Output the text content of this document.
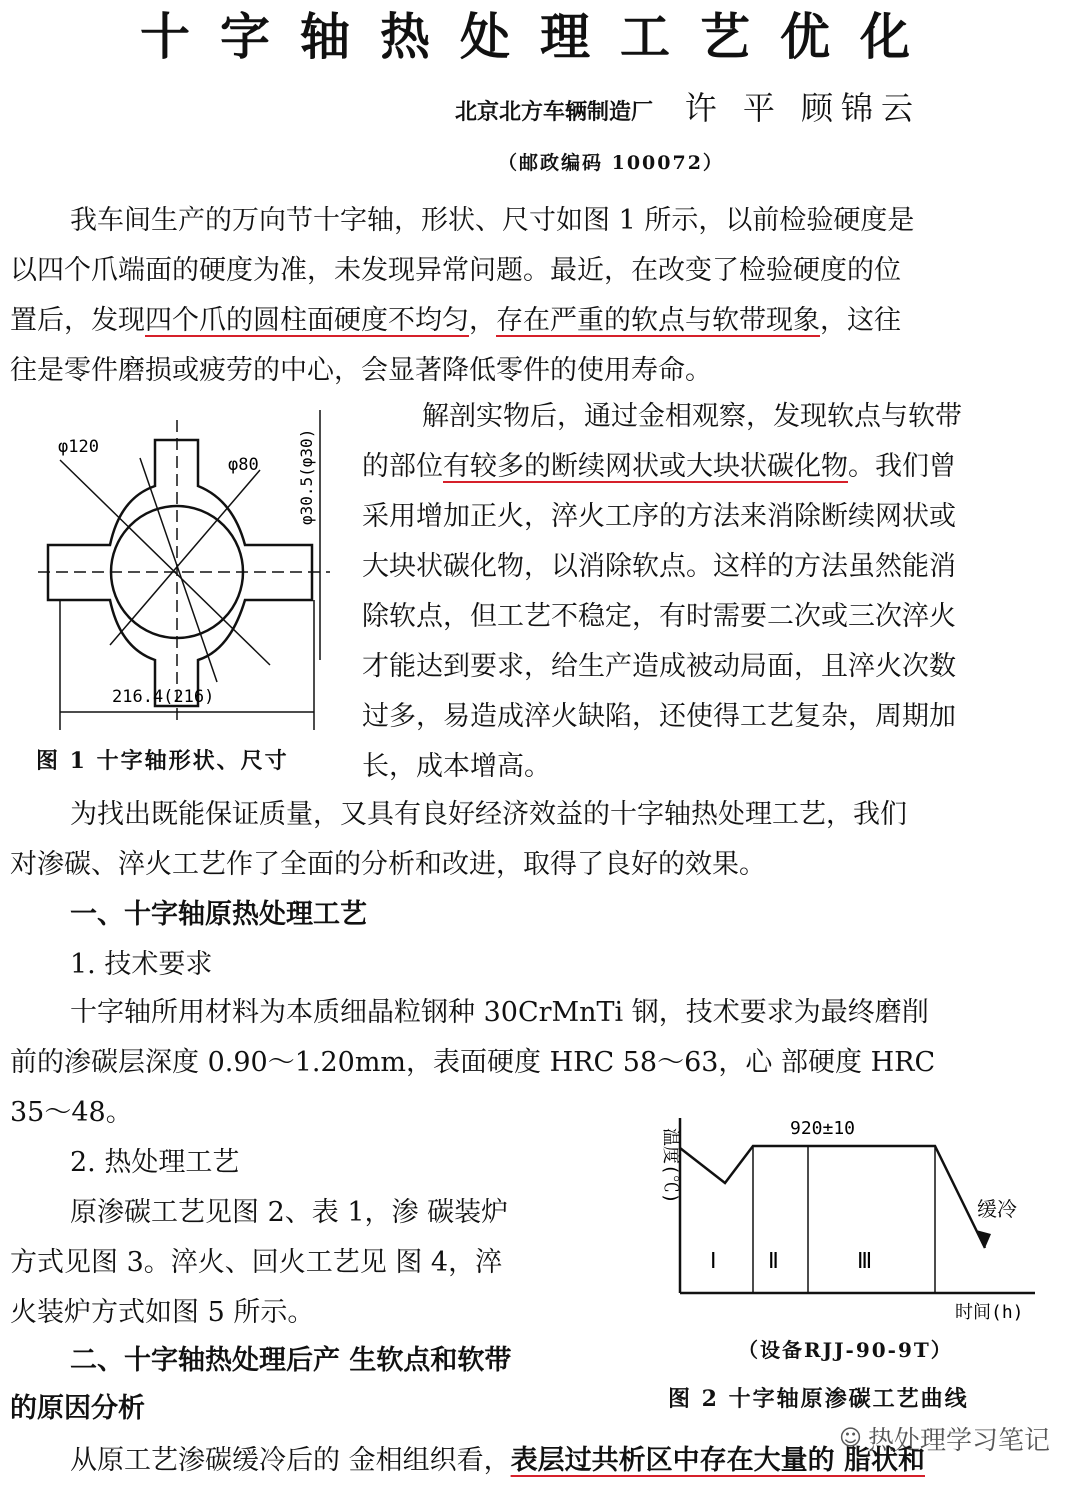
十字轴热处理工艺优化
北京北方车辆制造厂 许 平 顾锦云
（邮政编码 100072）

我车间生产的万向节十字轴，形状、尺寸如图 1 所示，以前检验硬度是

以四个爪端面的硬度为准，未发现异常问题。最近，在改变了检验硬度的位

置后，发现四个爪的圆柱面硬度不均匀，存在严重的软点与软带现象，这往

往是零件磨损或疲劳的中心，会显著降低零件的使用寿命。

φ120
φ80 φ30.5(φ30)
216.4(216)
图 1 十字轴形状、尺寸

解剖实物后，通过金相观察，发现软点与软带

的部位有较多的断续网状或大块状碳化物。我们曾

采用增加正火，淬火工序的方法来消除断续网状或

大块状碳化物，以消除软点。这样的方法虽然能消

除软点，但工艺不稳定，有时需要二次或三次淬火

才能达到要求，给生产造成被动局面，且淬火次数

过多，易造成淬火缺陷，还使得工艺复杂，周期加

长，成本增高。

为找出既能保证质量，又具有良好经济效益的十字轴热处理工艺，我们

对渗碳、淬火工艺作了全面的分析和改进，取得了良好的效果。

一、十字轴原热处理工艺
1. 技术要求

十字轴所用材料为本质细晶粒钢种 30CrMnTi 钢，技术要求为最终磨削

前的渗碳层深度 0.90～1.20mm，表面硬度 HRC 58～63，心 部硬度 HRC

35～48。

2. 热处理工艺

原渗碳工艺见图 2、表 1，渗 碳装炉

方式见图 3。淬火、回火工艺见 图 4，淬

火装炉方式如图 5 所示。

二、十字轴热处理后产 生软点和软带
的原因分析
920±10
温度(℃)
时间(h)
Ⅰ Ⅱ	Ⅲ
缓冷
（设备RJJ-90-9T）
图 2 十字轴原渗碳工艺曲线
☺ 热处理学习笔记

从原工艺渗碳缓冷后的 金相组织看，表层过共析区中存在大量的 脂状和
